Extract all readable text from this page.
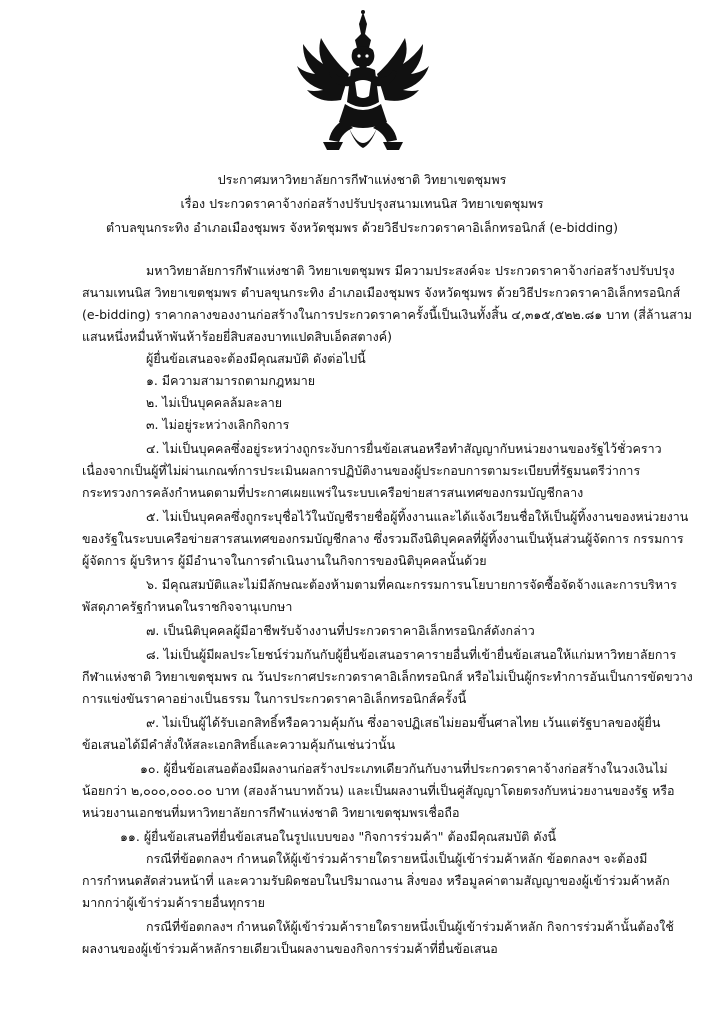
ประกาศมหาวิทยาลัยการกีฬาแห่งชาติ วิทยาเขตชุมพร
เรื่อง ประกวดราคาจ้างก่อสร้างปรับปรุงสนามเทนนิส วิทยาเขตชุมพร
ตำบลขุนกระทิง อำเภอเมืองชุมพร จังหวัดชุมพร ด้วยวิธีประกวดราคาอิเล็กทรอนิกส์ (e-bidding)
มหาวิทยาลัยการกีฬาแห่งชาติ วิทยาเขตชุมพร มีความประสงค์จะ ประกวดราคาจ้างก่อสร้างปรับปรุง
สนามเทนนิส วิทยาเขตชุมพร ตำบลขุนกระทิง อำเภอเมืองชุมพร จังหวัดชุมพร ด้วยวิธีประกวดราคาอิเล็กทรอนิกส์
(e-bidding) ราคากลางของงานก่อสร้างในการประกวดราคาครั้งนี้เป็นเงินทั้งสิ้น ๔,๓๑๕,๕๒๒.๘๑ บาท (สี่ล้านสาม
แสนหนึ่งหมื่นห้าพันห้าร้อยยี่สิบสองบาทแปดสิบเอ็ดสตางค์)
ผู้ยื่นข้อเสนอจะต้องมีคุณสมบัติ ดังต่อไปนี้
๑. มีความสามารถตามกฎหมาย
๒. ไม่เป็นบุคคลล้มละลาย
๓. ไม่อยู่ระหว่างเลิกกิจการ
๔. ไม่เป็นบุคคลซึ่งอยู่ระหว่างถูกระงับการยื่นข้อเสนอหรือทำสัญญากับหน่วยงานของรัฐไว้ชั่วคราว
เนื่องจากเป็นผู้ที่ไม่ผ่านเกณฑ์การประเมินผลการปฏิบัติงานของผู้ประกอบการตามระเบียบที่รัฐมนตรีว่าการ
กระทรวงการคลังกำหนดตามที่ประกาศเผยแพร่ในระบบเครือข่ายสารสนเทศของกรมบัญชีกลาง
๕. ไม่เป็นบุคคลซึ่งถูกระบุชื่อไว้ในบัญชีรายชื่อผู้ทิ้งงานและได้แจ้งเวียนชื่อให้เป็นผู้ทิ้งงานของหน่วยงาน
ของรัฐในระบบเครือข่ายสารสนเทศของกรมบัญชีกลาง ซึ่งรวมถึงนิติบุคคลที่ผู้ทิ้งงานเป็นหุ้นส่วนผู้จัดการ กรรมการ
ผู้จัดการ ผู้บริหาร ผู้มีอำนาจในการดำเนินงานในกิจการของนิติบุคคลนั้นด้วย
๖. มีคุณสมบัติและไม่มีลักษณะต้องห้ามตามที่คณะกรรมการนโยบายการจัดซื้อจัดจ้างและการบริหาร
พัสดุภาครัฐกำหนดในราชกิจจานุเบกษา
๗. เป็นนิติบุคคลผู้มีอาชีพรับจ้างงานที่ประกวดราคาอิเล็กทรอนิกส์ดังกล่าว
๘. ไม่เป็นผู้มีผลประโยชน์ร่วมกันกับผู้ยื่นข้อเสนอราคารายอื่นที่เข้ายื่นข้อเสนอให้แก่มหาวิทยาลัยการ
กีฬาแห่งชาติ วิทยาเขตชุมพร ณ วันประกาศประกวดราคาอิเล็กทรอนิกส์ หรือไม่เป็นผู้กระทำการอันเป็นการขัดขวาง
การแข่งขันราคาอย่างเป็นธรรม ในการประกวดราคาอิเล็กทรอนิกส์ครั้งนี้
๙. ไม่เป็นผู้ได้รับเอกสิทธิ์หรือความคุ้มกัน ซึ่งอาจปฏิเสธไม่ยอมขึ้นศาลไทย เว้นแต่รัฐบาลของผู้ยื่น
ข้อเสนอได้มีคำสั่งให้สละเอกสิทธิ์และความคุ้มกันเช่นว่านั้น
๑๐. ผู้ยื่นข้อเสนอต้องมีผลงานก่อสร้างประเภทเดียวกันกับงานที่ประกวดราคาจ้างก่อสร้างในวงเงินไม่
น้อยกว่า ๒,๐๐๐,๐๐๐.๐๐ บาท (สองล้านบาทถ้วน) และเป็นผลงานที่เป็นคู่สัญญาโดยตรงกับหน่วยงานของรัฐ หรือ
หน่วยงานเอกชนที่มหาวิทยาลัยการกีฬาแห่งชาติ วิทยาเขตชุมพรเชื่อถือ
๑๑. ผู้ยื่นข้อเสนอที่ยื่นข้อเสนอในรูปแบบของ "กิจการร่วมค้า" ต้องมีคุณสมบัติ ดังนี้
กรณีที่ข้อตกลงฯ กำหนดให้ผู้เข้าร่วมค้ารายใดรายหนึ่งเป็นผู้เข้าร่วมค้าหลัก ข้อตกลงฯ จะต้องมี
การกำหนดสัดส่วนหน้าที่ และความรับผิดชอบในปริมาณงาน สิ่งของ หรือมูลค่าตามสัญญาของผู้เข้าร่วมค้าหลัก
มากกว่าผู้เข้าร่วมค้ารายอื่นทุกราย
กรณีที่ข้อตกลงฯ กำหนดให้ผู้เข้าร่วมค้ารายใดรายหนึ่งเป็นผู้เข้าร่วมค้าหลัก กิจการร่วมค้านั้นต้องใช้
ผลงานของผู้เข้าร่วมค้าหลักรายเดียวเป็นผลงานของกิจการร่วมค้าที่ยื่นข้อเสนอ
